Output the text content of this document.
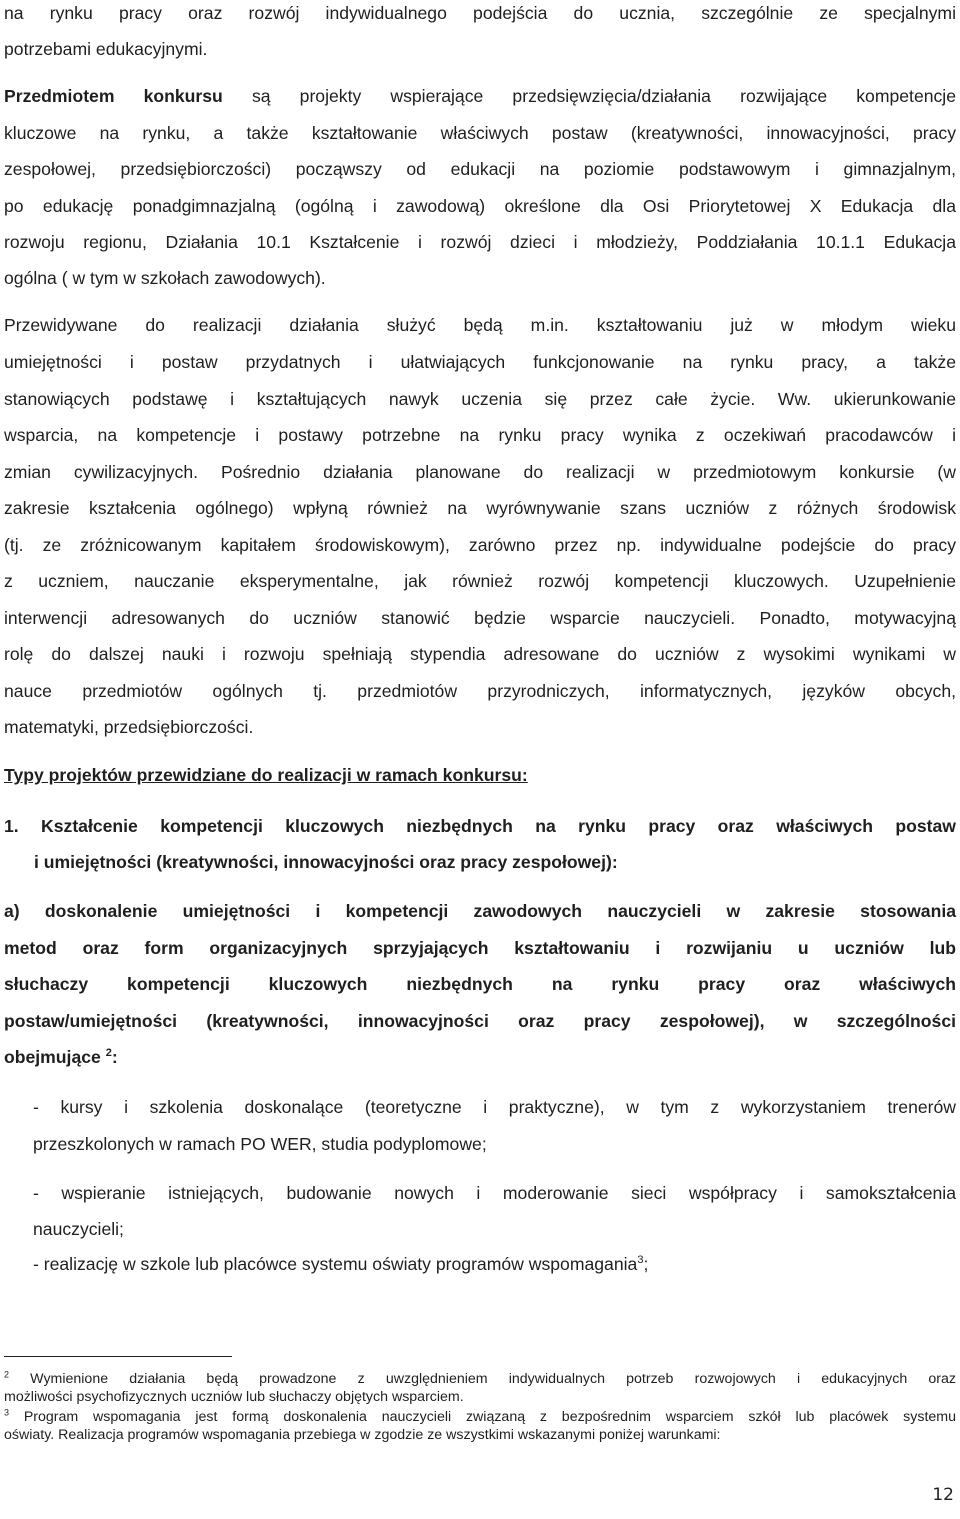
na rynku pracy oraz rozwój indywidualnego podejścia do ucznia, szczególnie ze specjalnymi
potrzebami edukacyjnymi.
Przedmiotem konkursu są projekty wspierające przedsięwzięcia/działania rozwijające kompetencje
kluczowe na rynku, a także kształtowanie właściwych postaw (kreatywności, innowacyjności, pracy
zespołowej, przedsiębiorczości) począwszy od edukacji na poziomie podstawowym i gimnazjalnym,
po edukację ponadgimnazjalną (ogólną i zawodową) określone dla Osi Priorytetowej X Edukacja dla
rozwoju regionu, Działania 10.1 Kształcenie i rozwój dzieci i młodzieży, Poddziałania 10.1.1 Edukacja
ogólna ( w tym w szkołach zawodowych).
Przewidywane do realizacji działania służyć będą m.in. kształtowaniu już w młodym wieku
umiejętności i postaw przydatnych i ułatwiających funkcjonowanie na rynku pracy, a także
stanowiących podstawę i kształtujących nawyk uczenia się przez całe życie. Ww. ukierunkowanie
wsparcia, na kompetencje i postawy potrzebne na rynku pracy wynika z oczekiwań pracodawców i
zmian cywilizacyjnych. Pośrednio działania planowane do realizacji w przedmiotowym konkursie (w
zakresie kształcenia ogólnego) wpłyną również na wyrównywanie szans uczniów z różnych środowisk
(tj. ze zróżnicowanym kapitałem środowiskowym), zarówno przez np. indywidualne podejście do pracy
z uczniem, nauczanie eksperymentalne, jak również rozwój kompetencji kluczowych. Uzupełnienie
interwencji adresowanych do uczniów stanowić będzie wsparcie nauczycieli. Ponadto, motywacyjną
rolę do dalszej nauki i rozwoju spełniają stypendia adresowane do uczniów z wysokimi wynikami w
nauce przedmiotów ogólnych tj. przedmiotów przyrodniczych, informatycznych, języków obcych,
matematyki, przedsiębiorczości.
Typy projektów przewidziane do realizacji w ramach konkursu:
1. Kształcenie kompetencji kluczowych niezbędnych na rynku pracy oraz właściwych postaw
i umiejętności (kreatywności, innowacyjności oraz pracy zespołowej):
a) doskonalenie umiejętności i kompetencji zawodowych nauczycieli w zakresie stosowania
metod oraz form organizacyjnych sprzyjających kształtowaniu i rozwijaniu u uczniów lub
słuchaczy kompetencji kluczowych niezbędnych na rynku pracy oraz właściwych
postaw/umiejętności (kreatywności, innowacyjności oraz pracy zespołowej), w szczególności
obejmujące $^2$:
- kursy i szkolenia doskonalące (teoretyczne i praktyczne), w tym z wykorzystaniem trenerów
przeszkolonych w ramach PO WER, studia podyplomowe;
- wspieranie istniejących, budowanie nowych i moderowanie sieci współpracy i samokształcenia
nauczycieli;
- realizację w szkole lub placówce systemu oświaty programów wspomagania$^3$;
$^2$ Wymienione działania będą prowadzone z uwzględnieniem indywidualnych potrzeb rozwojowych i edukacyjnych oraz
możliwości psychofizycznych uczniów lub słuchaczy objętych wsparciem.
$^3$ Program wspomagania jest formą doskonalenia nauczycieli związaną z bezpośrednim wsparciem szkół lub placówek systemu
oświaty. Realizacja programów wspomagania przebiega w zgodzie ze wszystkimi wskazanymi poniżej warunkami:
12
